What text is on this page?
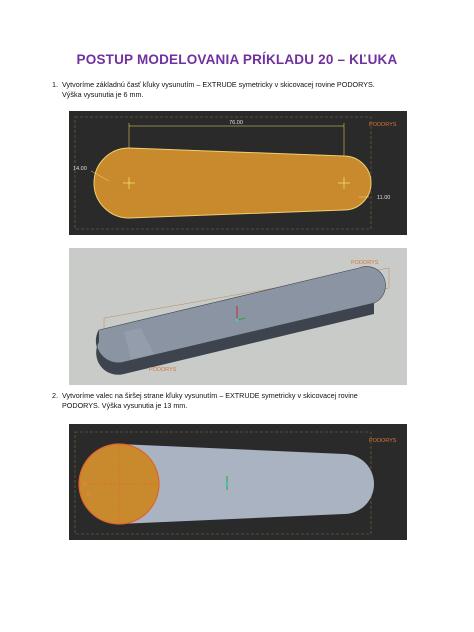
POSTUP MODELOVANIA PRÍKLADU 20 – KĽUKA
1. Vytvoríme základnú časť kľuky vysunutím – EXTRUDE symetricky v skicovacej rovine PODORYS.
Výška vysunutia je 6 mm.
76.00
14.00
11.00
PODORYS
PODORYS
PODORYS
2. Vytvoríme valec na širšej strane kľuky vysunutím – EXTRUDE symetricky v skicovacej rovine
PODORYS. Výška vysunutia je 13 mm.
R
R
PODORYS
